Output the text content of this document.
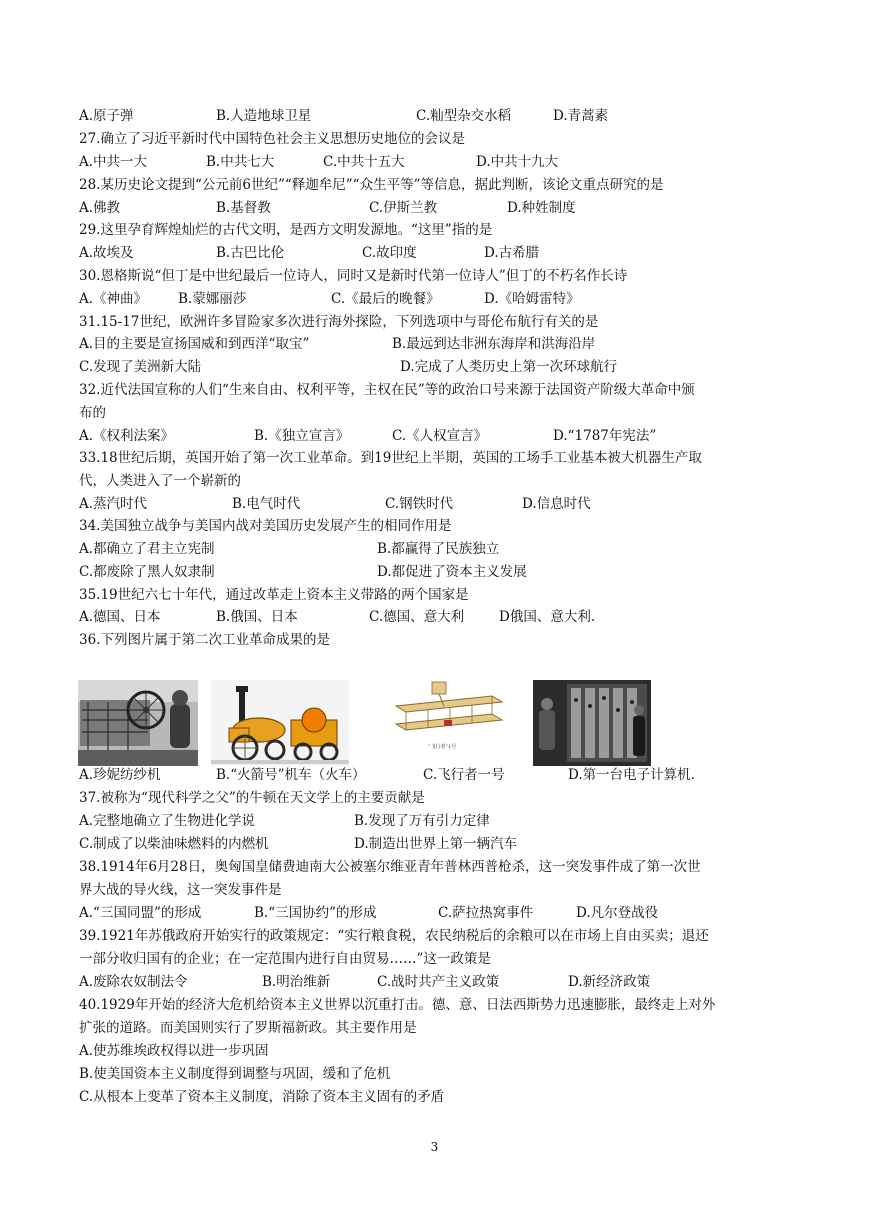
A.原子弹

	B.人造地球卫星

	C.籼型杂交水稻

	D.青蒿素

27.确立了习近平新时代中国特色社会主义思想历史地位的会议是

A.中共一大

	B.中共七大

	C.中共十五大

	D.中共十九大

28.某历史论文提到“公元前6世纪”“释迦牟尼”“众生平等”等信息，据此判断，该论文重点研究的是

A.佛教

	B.基督教

	C.伊斯兰教

	D.种姓制度

29.这里孕育辉煌灿烂的古代文明，是西方文明发源地。“这里”指的是

A.故埃及

	B.古巴比伦

	C.故印度

	D.古希腊

30.恩格斯说“但丁是中世纪最后一位诗人，同时又是新时代第一位诗人”但丁的不朽名作长诗

A.《神曲》

B.蒙娜丽莎

	C.《最后的晚餐》

	D.《哈姆雷特》

31.15-17世纪，欧洲许多冒险家多次进行海外探险，下列选项中与哥伦布航行有关的是

A.目的主要是宣扬国威和到西洋“取宝”

	B.最远到达非洲东海岸和洪海沿岸

C.发现了美洲新大陆

	D.完成了人类历史上第一次环球航行

32.近代法国宣称的人们“生来自由、权利平等，主权在民”等的政治口号来源于法国资产阶级大革命中颁
布的

A.《权利法案》

	B.《独立宣言》

	C.《人权宣言》

	D.“1787年宪法”

33.18世纪后期，英国开始了第一次工业革命。到19世纪上半期，英国的工场手工业基本被大机器生产取
代，人类进入了一个崭新的

A.蒸汽时代

	B.电气时代

	C.钢铁时代

	D.信息时代

34.美国独立战争与美国内战对美国历史发展产生的相同作用是

A.都确立了君主立宪制

	B.都赢得了民族独立

C.都废除了黑人奴隶制

	D.都促进了资本主义发展

35.19世纪六七十年代，通过改革走上资本主义带路的两个国家是

A.德国、日本

	B.俄国、日本

	C.德国、意大利

	D俄国、意大利.

36.下列图片属于第二次工业革命成果的是
“飞行者”1号

A.珍妮纺纱机

	B.“火箭号”机车（火车）

	C.飞行者一号

	D.第一台电子计算机.

37.被称为“现代科学之父”的牛顿在天文学上的主要贡献是

A.完整地确立了生物进化学说

	B.发现了万有引力定律

C.制成了以柴油味燃料的内燃机

	D.制造出世界上第一辆汽车

38.1914年6月28日，奥匈国皇储费迪南大公被塞尔维亚青年普林西普枪杀，这一突发事件成了第一次世
界大战的导火线，这一突发事件是

A.“三国同盟”的形成

	B.“三国协约”的形成

	C.萨拉热窝事件

	D.凡尔登战役

39.1921年苏俄政府开始实行的政策规定：“实行粮食税，农民纳税后的余粮可以在市场上自由买卖；退还
一部分收归国有的企业；在一定范围内进行自由贸易……”这一政策是

A.废除农奴制法令

	B.明治维新

	C.战时共产主义政策

	D.新经济政策

40.1929年开始的经济大危机给资本主义世界以沉重打击。德、意、日法西斯势力迅速膨胀，最终走上对外
扩张的道路。而美国则实行了罗斯福新政。其主要作用是
A.使苏维埃政权得以进一步巩固
B.使美国资本主义制度得到调整与巩固，缓和了危机
C.从根本上变革了资本主义制度，消除了资本主义固有的矛盾
3
